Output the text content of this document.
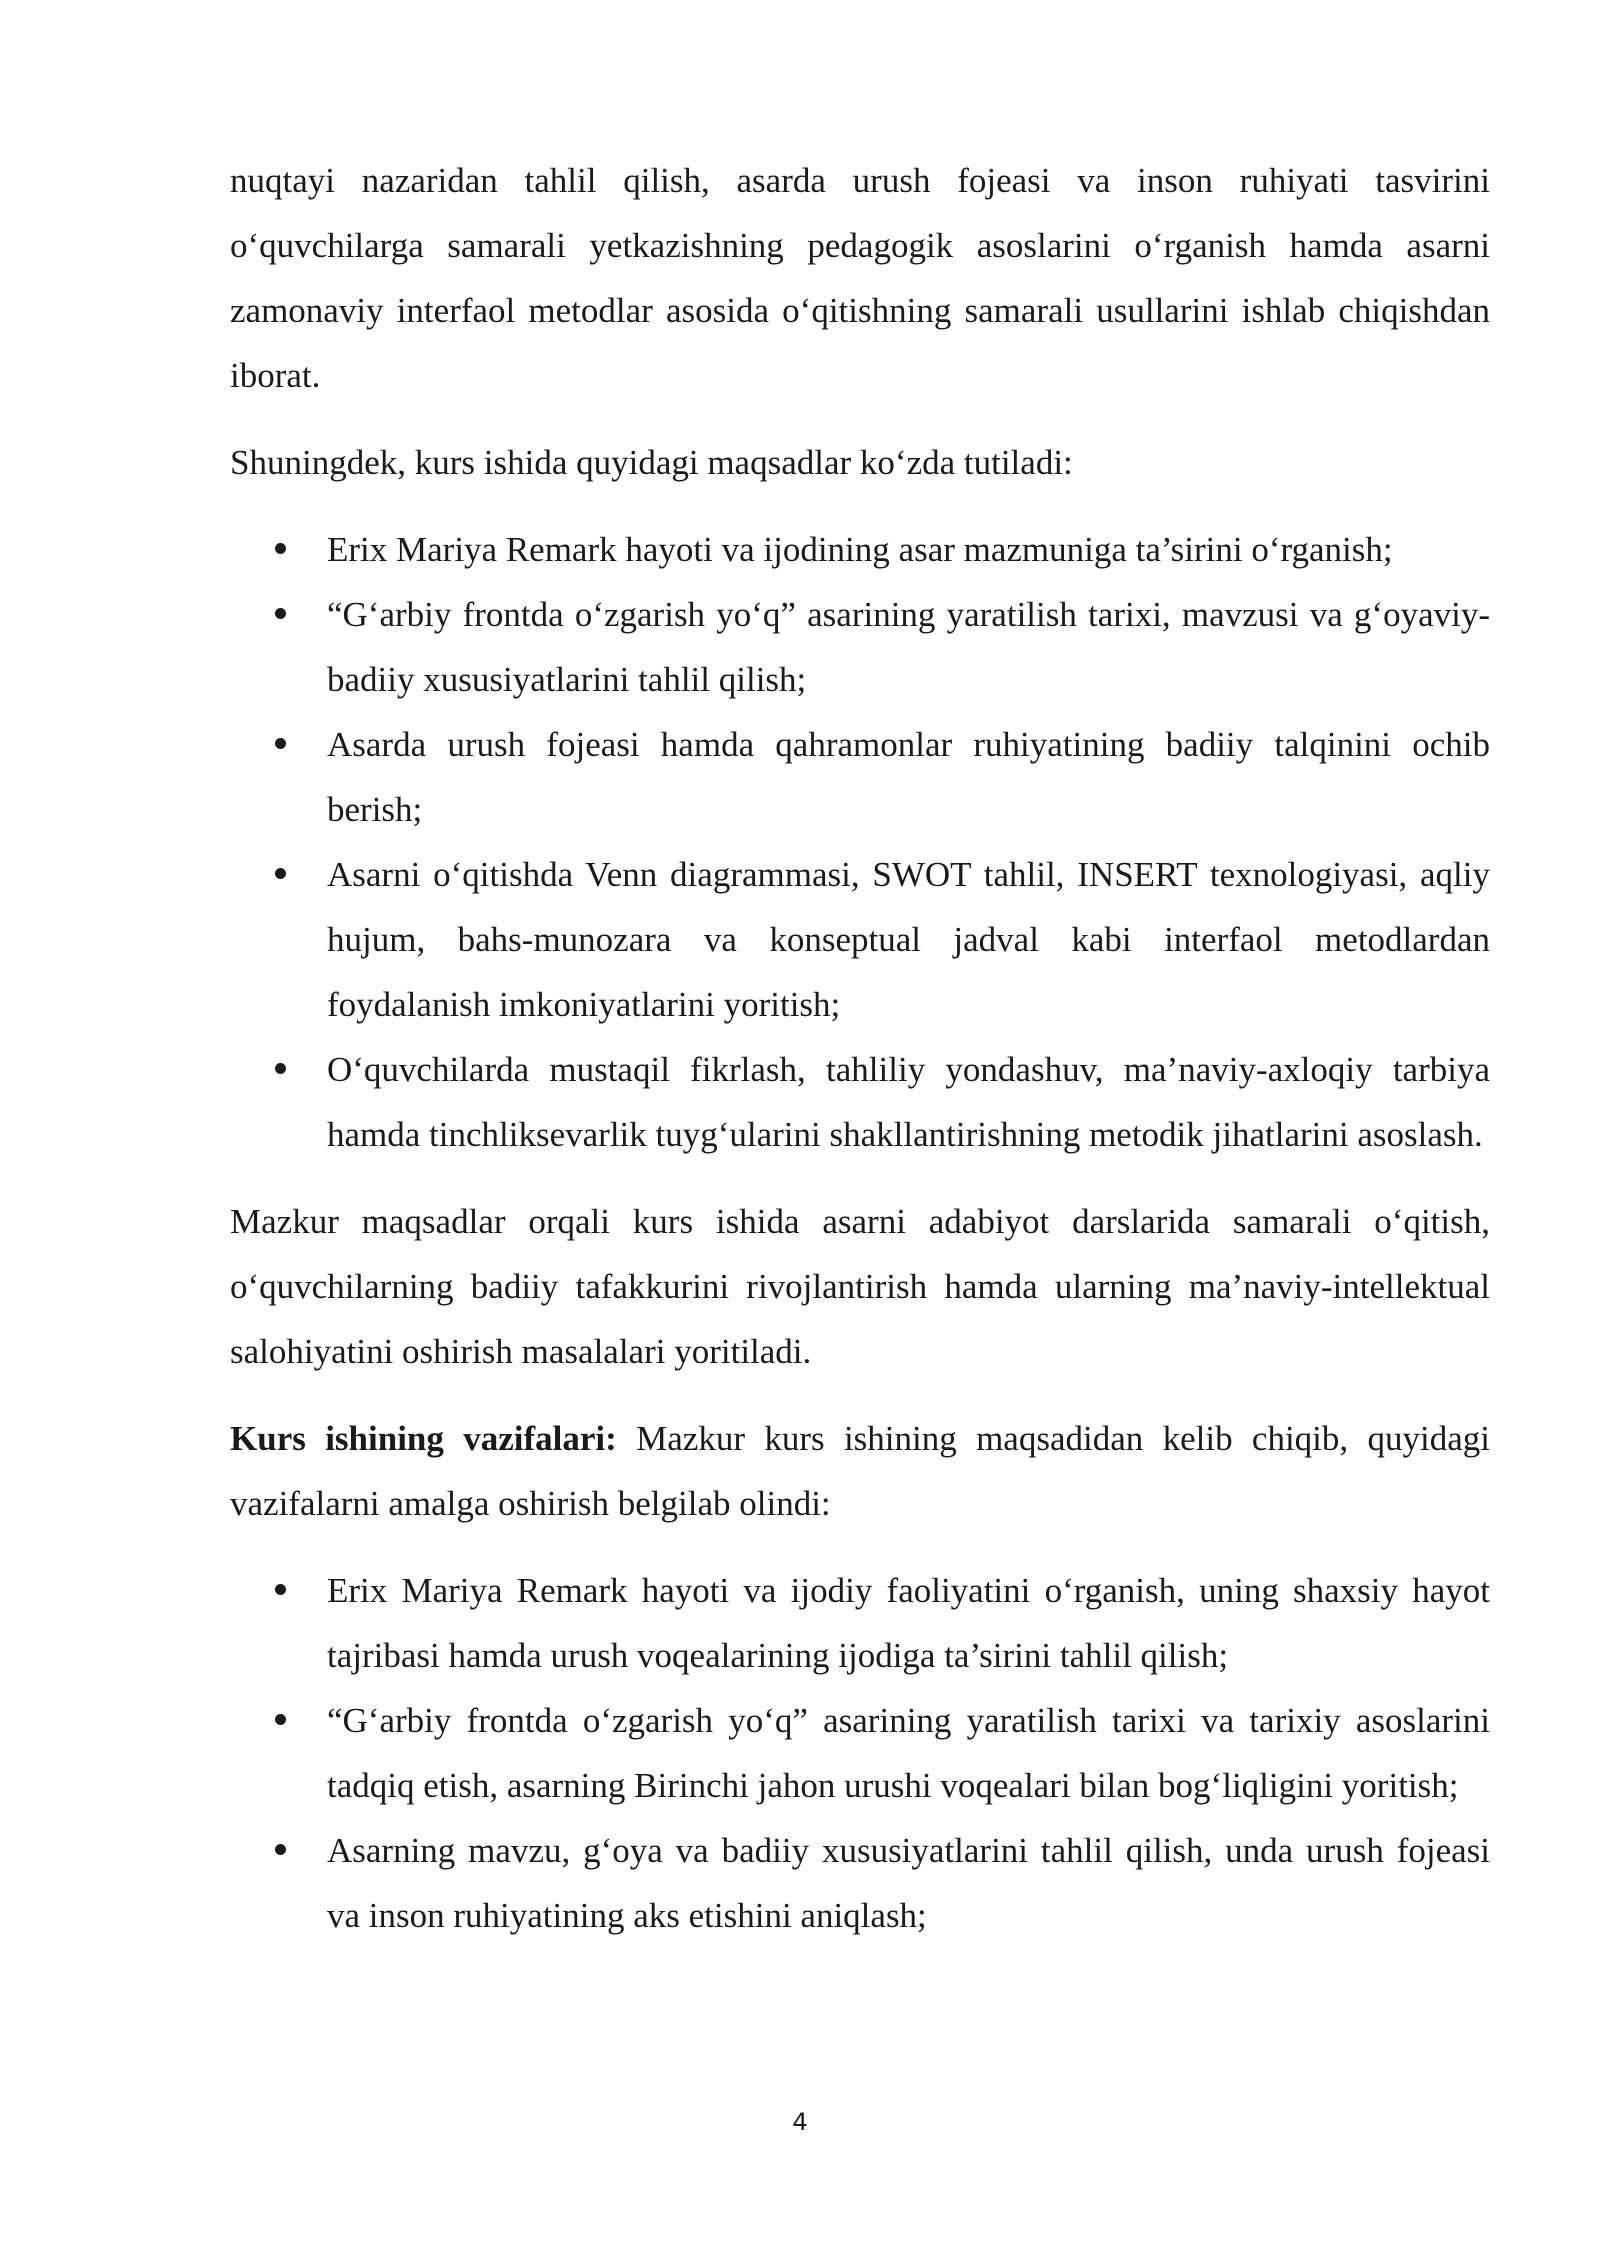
nuqtayi nazaridan tahlil qilish, asarda urush fojeasi va inson ruhiyati tasvirini o‘quvchilarga samarali yetkazishning pedagogik asoslarini o‘rganish hamda asarni zamonaviy interfaol metodlar asosida o‘qitishning samarali usullarini ishlab chiqishdan iborat.

Shuningdek, kurs ishida quyidagi maqsadlar ko‘zda tutiladi:

Erix Mariya Remark hayoti va ijodining asar mazmuniga ta’sirini o‘rganish;
“G‘arbiy frontda o‘zgarish yo‘q” asarining yaratilish tarixi, mavzusi va g‘oyaviy-badiiy xususiyatlarini tahlil qilish;
Asarda urush fojeasi hamda qahramonlar ruhiyatining badiiy talqinini ochib berish;
Asarni o‘qitishda Venn diagrammasi, SWOT tahlil, INSERT texnologiyasi, aqliy hujum, bahs-munozara va konseptual jadval kabi interfaol metodlardan foydalanish imkoniyatlarini yoritish;
O‘quvchilarda mustaqil fikrlash, tahliliy yondashuv, ma’naviy-axloqiy tarbiya hamda tinchliksevarlik tuyg‘ularini shakllantirishning metodik jihatlarini asoslash.

Mazkur maqsadlar orqali kurs ishida asarni adabiyot darslarida samarali o‘qitish, o‘quvchilarning badiiy tafakkurini rivojlantirish hamda ularning ma’naviy-intellektual salohiyatini oshirish masalalari yoritiladi.

Kurs ishining vazifalari: Mazkur kurs ishining maqsadidan kelib chiqib, quyidagi vazifalarni amalga oshirish belgilab olindi:

Erix Mariya Remark hayoti va ijodiy faoliyatini o‘rganish, uning shaxsiy hayot tajribasi hamda urush voqealarining ijodiga ta’sirini tahlil qilish;
“G‘arbiy frontda o‘zgarish yo‘q” asarining yaratilish tarixi va tarixiy asoslarini tadqiq etish, asarning Birinchi jahon urushi voqealari bilan bog‘liqligini yoritish;
Asarning mavzu, g‘oya va badiiy xususiyatlarini tahlil qilish, unda urush fojeasi va inson ruhiyatining aks etishini aniqlash;
4
